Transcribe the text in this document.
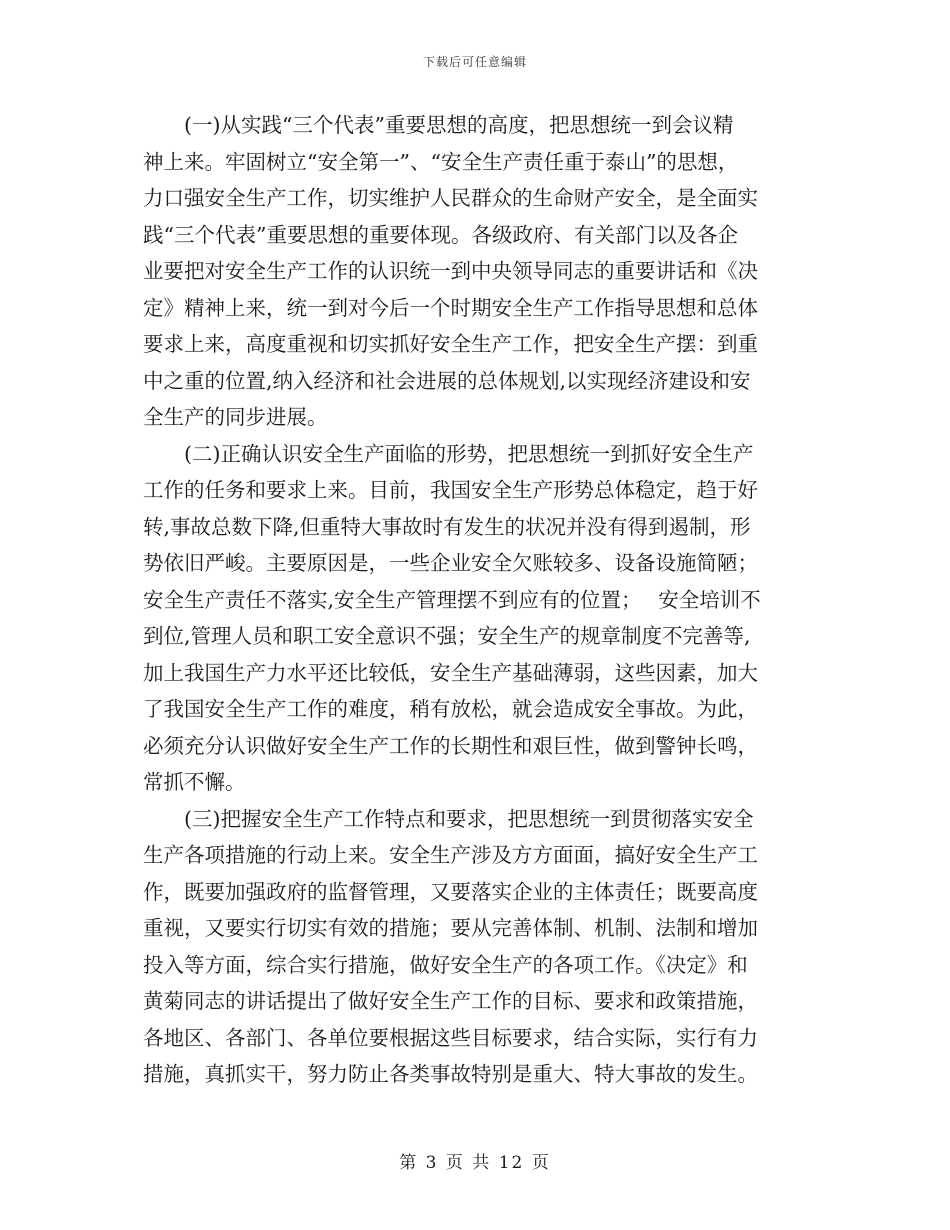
下载后可任意编辑
　　(一)从实践“三个代表”重要思想的高度，把思想统一到会议精
神上来。牢固树立“安全第一”、“安全生产责任重于泰山”的思想，
力口强安全生产工作，切实维护人民群众的生命财产安全，是全面实
践“三个代表”重要思想的重要体现。各级政府、有关部门以及各企
业要把对安全生产工作的认识统一到中央领导同志的重要讲话和《决
定》精神上来，统一到对今后一个时期安全生产工作指导思想和总体
要求上来，高度重视和切实抓好安全生产工作，把安全生产摆：到重
中之重的位置,纳入经济和社会进展的总体规划,以实现经济建设和安
全生产的同步进展。
　　(二)正确认识安全生产面临的形势，把思想统一到抓好安全生产
工作的任务和要求上来。目前，我国安全生产形势总体稳定，趋于好
转,事故总数下降,但重特大事故时有发生的状况并没有得到遏制，形
势依旧严峻。主要原因是，一些企业安全欠账较多、设备设施简陋；
安全生产责任不落实,安全生产管理摆不到应有的位置；　 安全培训不
到位,管理人员和职工安全意识不强；安全生产的规章制度不完善等,
加上我国生产力水平还比较低，安全生产基础薄弱，这些因素，加大
了我国安全生产工作的难度，稍有放松，就会造成安全事故。为此，
必须充分认识做好安全生产工作的长期性和艰巨性，做到警钟长鸣，
常抓不懈。
　　(三)把握安全生产工作特点和要求，把思想统一到贯彻落实安全
生产各项措施的行动上来。安全生产涉及方方面面，搞好安全生产工
作，既要加强政府的监督管理，又要落实企业的主体责任；既要高度
重视，又要实行切实有效的措施；要从完善体制、机制、法制和增加
投入等方面，综合实行措施，做好安全生产的各项工作。《决定》和
黄菊同志的讲话提出了做好安全生产工作的目标、要求和政策措施，
各地区、各部门、各单位要根据这些目标要求，结合实际，实行有力
措施，真抓实干，努力防止各类事故特别是重大、特大事故的发生。
第 3 页 共 12 页
